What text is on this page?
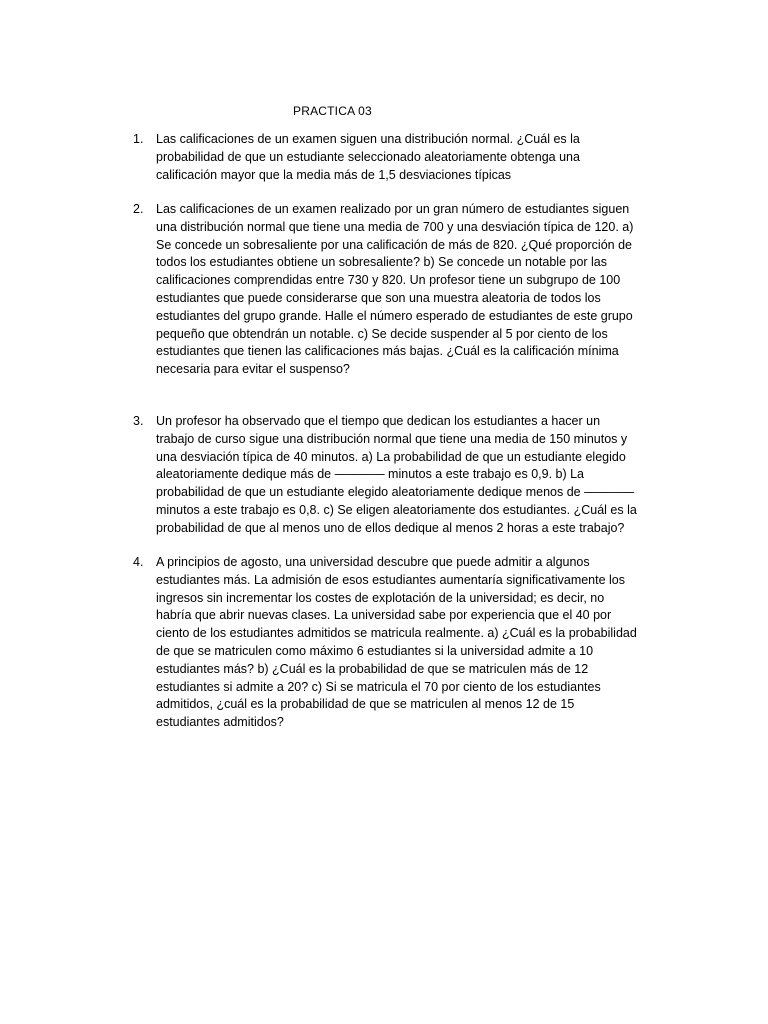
PRACTICA 03
1. Las calificaciones de un examen siguen una distribución normal. ¿Cuál es la
probabilidad de que un estudiante seleccionado aleatoriamente obtenga una
calificación mayor que la media más de 1,5 desviaciones típicas
2. Las calificaciones de un examen realizado por un gran número de estudiantes siguen
una distribución normal que tiene una media de 700 y una desviación típica de 120. a)
Se concede un sobresaliente por una calificación de más de 820. ¿Qué proporción de
todos los estudiantes obtiene un sobresaliente? b) Se concede un notable por las
calificaciones comprendidas entre 730 y 820. Un profesor tiene un subgrupo de 100
estudiantes que puede considerarse que son una muestra aleatoria de todos los
estudiantes del grupo grande. Halle el número esperado de estudiantes de este grupo
pequeño que obtendrán un notable. c) Se decide suspender al 5 por ciento de los
estudiantes que tienen las calificaciones más bajas. ¿Cuál es la calificación mínima
necesaria para evitar el suspenso?
3. Un profesor ha observado que el tiempo que dedican los estudiantes a hacer un
trabajo de curso sigue una distribución normal que tiene una media de 150 minutos y
una desviación típica de 40 minutos. a) La probabilidad de que un estudiante elegido
aleatoriamente dedique más de ———— minutos a este trabajo es 0,9. b) La
probabilidad de que un estudiante elegido aleatoriamente dedique menos de ————
minutos a este trabajo es 0,8. c) Se eligen aleatoriamente dos estudiantes. ¿Cuál es la
probabilidad de que al menos uno de ellos dedique al menos 2 horas a este trabajo?
4. A principios de agosto, una universidad descubre que puede admitir a algunos
estudiantes más. La admisión de esos estudiantes aumentaría significativamente los
ingresos sin incrementar los costes de explotación de la universidad; es decir, no
habría que abrir nuevas clases. La universidad sabe por experiencia que el 40 por
ciento de los estudiantes admitidos se matricula realmente. a) ¿Cuál es la probabilidad
de que se matriculen como máximo 6 estudiantes si la universidad admite a 10
estudiantes más? b) ¿Cuál es la probabilidad de que se matriculen más de 12
estudiantes si admite a 20? c) Si se matricula el 70 por ciento de los estudiantes
admitidos, ¿cuál es la probabilidad de que se matriculen al menos 12 de 15
estudiantes admitidos?
